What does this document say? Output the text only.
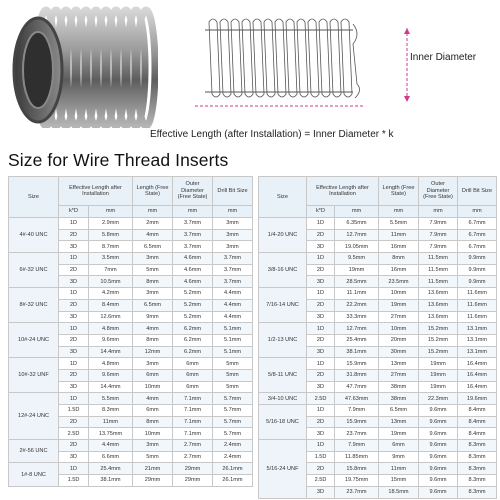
Inner Diameter
Effective Length (after Installation) = Inner Diameter * k
Size for Wire Thread Inserts
Size	Effective Length after Installation		Length (Free State)	Outer Diameter (Free State)	Drill Bit Size
	k*D	mm	mm	mm	mm
4#-40 UNC	1D	2.9mm	2mm	3.7mm	3mm
	2D	5.8mm	4mm	3.7mm	3mm
	3D	8.7mm	6.5mm	3.7mm	3mm
6#-32 UNC	1D	3.5mm	3mm	4.6mm	3.7mm
	2D	7mm	5mm	4.6mm	3.7mm
	3D	10.5mm	8mm	4.6mm	3.7mm
8#-32 UNC	1D	4.2mm	3mm	5.2mm	4.4mm
	2D	8.4mm	6.5mm	5.2mm	4.4mm
	3D	12.6mm	9mm	5.2mm	4.4mm
10#-24 UNC	1D	4.8mm	4mm	6.2mm	5.1mm
	2D	9.6mm	8mm	6.2mm	5.1mm
	3D	14.4mm	12mm	6.2mm	5.1mm
10#-32 UNF	1D	4.8mm	3mm	6mm	5mm
	2D	9.6mm	6mm	6mm	5mm
	3D	14.4mm	10mm	6mm	5mm
12#-24 UNC	1D	5.5mm	4mm	7.1mm	5.7mm
	1.5D	8.3mm	6mm	7.1mm	5.7mm
	2D	11mm	8mm	7.1mm	5.7mm
	2.5D	13.75mm	10mm	7.1mm	5.7mm
2#-56 UNC	2D	4.4mm	3mm	2.7mm	2.4mm
	3D	6.6mm	5mm	2.7mm	2.4mm
1#-8 UNC	1D	25.4mm	21mm	29mm	26.1mm
	1.5D	38.1mm	29mm	29mm	26.1mm
Size	Effective Length after Installation		Length (Free State)	Outer Diameter (Free State)	Drill Bit Size
	k*D	mm	mm	mm	mm
1/4-20 UNC	1D	6.35mm	5.5mm	7.9mm	6.7mm
	2D	12.7mm	11mm	7.9mm	6.7mm
	3D	19.05mm	16mm	7.9mm	6.7mm
3/8-16 UNC	1D	9.5mm	8mm	11.5mm	9.9mm
	2D	19mm	16mm	11.5mm	9.9mm
	3D	28.5mm	23.5mm	11.5mm	9.9mm
7/16-14 UNC	1D	11.1mm	10mm	13.6mm	11.6mm
	2D	22.2mm	19mm	13.6mm	11.6mm
	3D	33.3mm	27mm	13.6mm	11.6mm
1/2-13 UNC	1D	12.7mm	10mm	15.2mm	13.1mm
	2D	25.4mm	20mm	15.2mm	13.1mm
	3D	38.1mm	30mm	15.2mm	13.1mm
5/8-11 UNC	1D	15.9mm	13mm	19mm	16.4mm
	2D	31.8mm	27mm	19mm	16.4mm
	3D	47.7mm	38mm	19mm	16.4mm
3/4-10 UNC	2.5D	47.63mm	38mm	22.3mm	19.6mm
5/16-18 UNC	1D	7.9mm	6.5mm	9.6mm	8.4mm
	2D	15.9mm	13mm	9.6mm	8.4mm
	3D	23.7mm	19mm	9.6mm	8.4mm
5/16-24 UNF	1D	7.9mm	6mm	9.6mm	8.3mm
	1.5D	11.85mm	9mm	9.6mm	8.3mm
	2D	15.8mm	11mm	9.6mm	8.3mm
	2.5D	19.75mm	15mm	9.6mm	8.3mm
	3D	23.7mm	18.5mm	9.6mm	8.3mm
